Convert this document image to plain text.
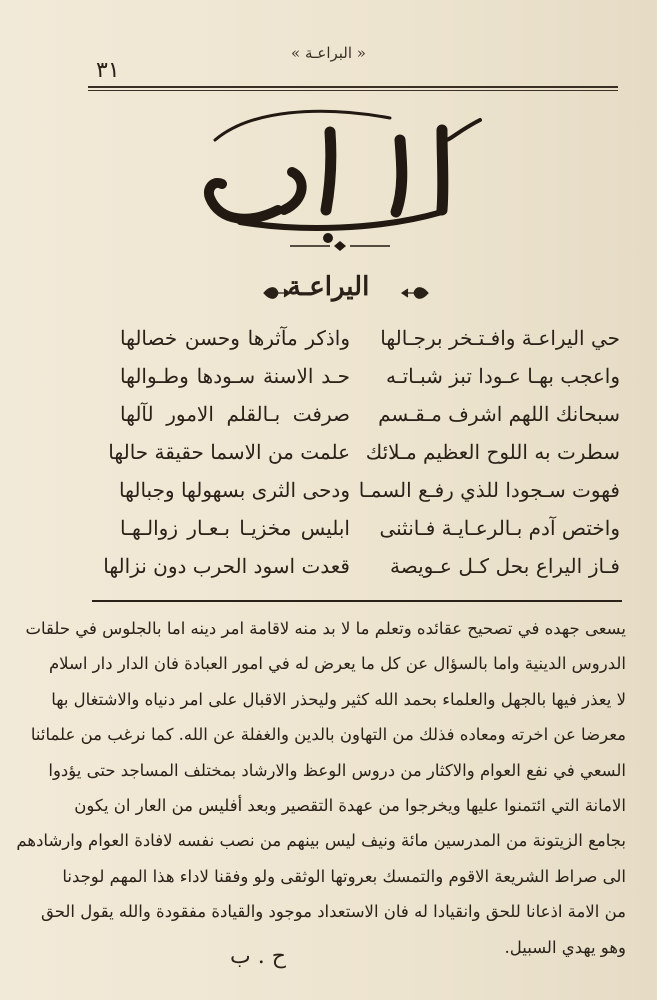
« البراعـة »
٣١
اليراعـة
حي اليراعـة وافـتـخر برجـالها
واذكر مآثرها وحسن خصالها
واعجب بهـا عـودا تبز شبـاتـه
حـد الاسنة سـودها وطـوالها
سبحانك اللهم اشرف مـقـسم
صرفت بـالقلم الامور لآلها
سطرت به اللوح العظيم مـلائك
علمت من الاسما حقيقة حالها
فهوت سـجودا للذي رفـع السمـا
ودحى الثرى بسهولها وجبالها
واختص آدم بـالرعـايـة فـانثنى
ابليس مخزيـا بـعـار زوالـهـا
فـاز اليراع بحل كـل عـويصة
قعدت اسود الحرب دون نزالها
يسعى جهده في تصحيح عقائده وتعلم ما لا بد منه لاقامة امر دينه اما بالجلوس في حلقات
الدروس الدينية واما بالسؤال عن كل ما يعرض له في امور العبادة فان الدار دار اسلام
لا يعذر فيها بالجهل والعلماء بحمد الله كثير وليحذر الاقبال على امر دنياه والاشتغال بها
معرضا عن اخرته ومعاده فذلك من التهاون بالدين والغفلة عن الله. كما نرغب من علمائنا
السعي في نفع العوام والاكثار من دروس الوعظ والارشاد بمختلف المساجد حتى يؤدوا
الامانة التي ائتمنوا عليها ويخرجوا من عهدة التقصير وبعد أفليس من العار ان يكون
بجامع الزيتونة من المدرسين مائة ونيف ليس بينهم من نصب نفسه لافادة العوام وارشادهم
الى صراط الشريعة الاقوم والتمسك بعروتها الوثقى ولو وفقنا لاداء هذا المهم لوجدنا
من الامة اذعانا للحق وانقيادا له فان الاستعداد موجود والقيادة مفقودة والله يقول الحق
وهو يهدي السبيل.
ح . ب
